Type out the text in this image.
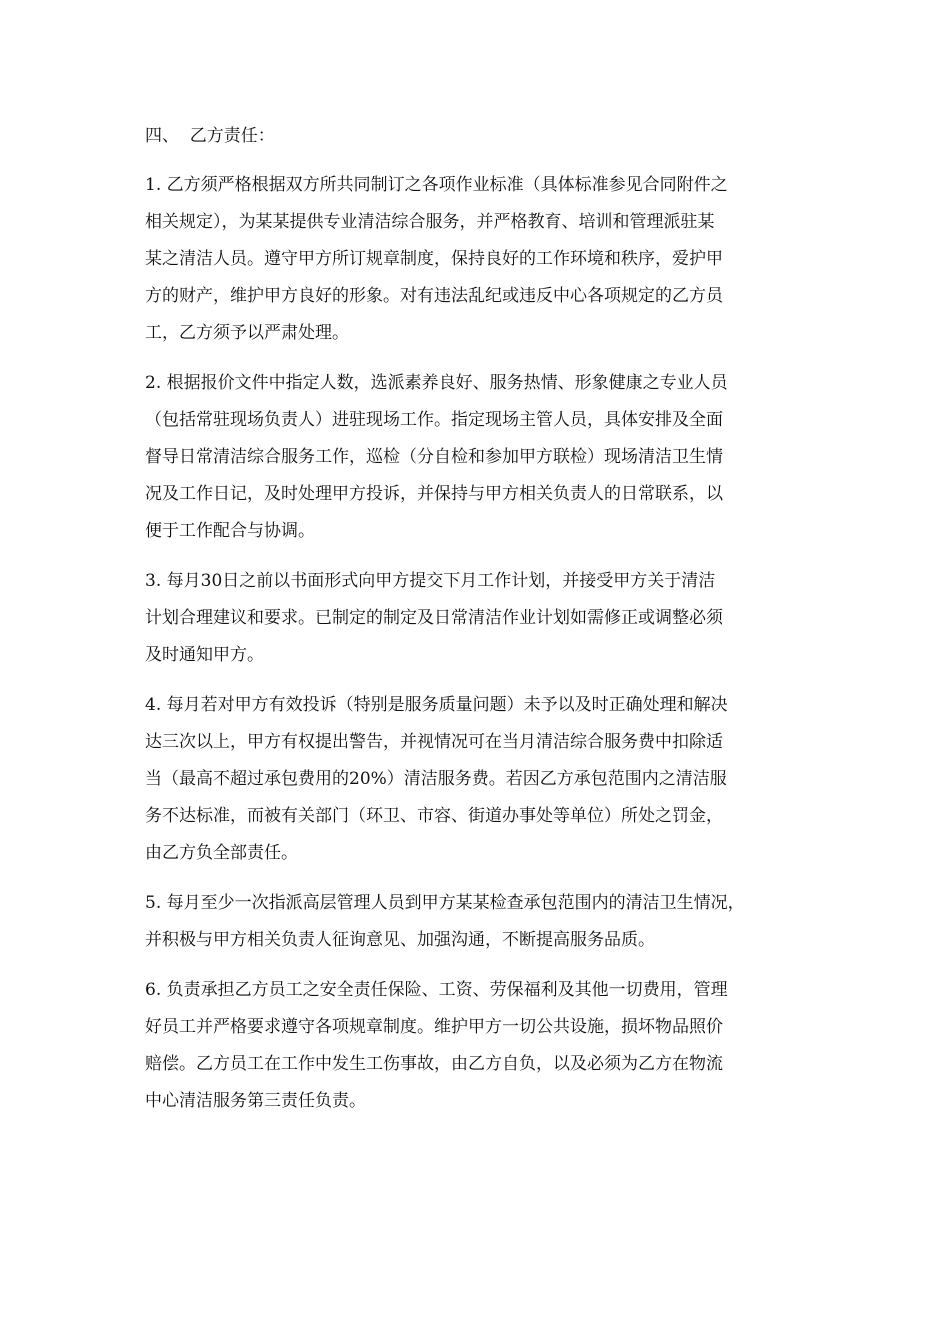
四、  乙方责任：
1. 乙方须严格根据双方所共同制订之各项作业标准（具体标准参见合同附件之
相关规定），为某某提供专业清洁综合服务，并严格教育、培训和管理派驻某
某之清洁人员。遵守甲方所订规章制度，保持良好的工作环境和秩序，爱护甲
方的财产，维护甲方良好的形象。对有违法乱纪或违反中心各项规定的乙方员
工，乙方须予以严肃处理。
2. 根据报价文件中指定人数，选派素养良好、服务热情、形象健康之专业人员
（包括常驻现场负责人）进驻现场工作。指定现场主管人员，具体安排及全面
督导日常清洁综合服务工作，巡检（分自检和参加甲方联检）现场清洁卫生情
况及工作日记，及时处理甲方投诉，并保持与甲方相关负责人的日常联系，以
便于工作配合与协调。
3. 每月30日之前以书面形式向甲方提交下月工作计划，并接受甲方关于清洁
计划合理建议和要求。已制定的制定及日常清洁作业计划如需修正或调整必须
及时通知甲方。
4. 每月若对甲方有效投诉（特别是服务质量问题）未予以及时正确处理和解决
达三次以上，甲方有权提出警告，并视情况可在当月清洁综合服务费中扣除适
当（最高不超过承包费用的20%）清洁服务费。若因乙方承包范围内之清洁服
务不达标准，而被有关部门（环卫、市容、街道办事处等单位）所处之罚金，
由乙方负全部责任。
5. 每月至少一次指派高层管理人员到甲方某某检查承包范围内的清洁卫生情况，
并积极与甲方相关负责人征询意见、加强沟通，不断提高服务品质。
6. 负责承担乙方员工之安全责任保险、工资、劳保福利及其他一切费用，管理
好员工并严格要求遵守各项规章制度。维护甲方一切公共设施，损坏物品照价
赔偿。乙方员工在工作中发生工伤事故，由乙方自负，以及必须为乙方在物流
中心清洁服务第三责任负责。
